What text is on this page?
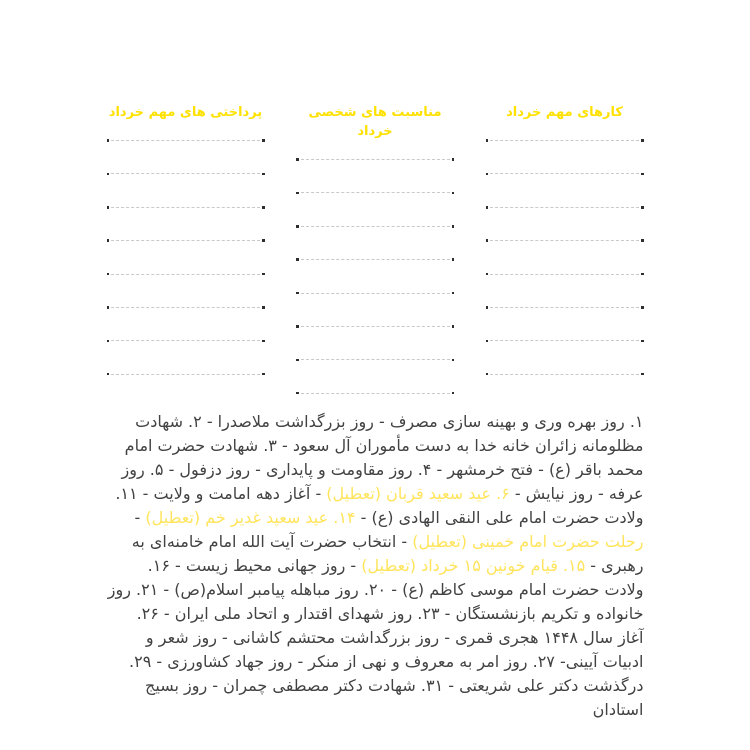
کارهای مهم خرداد
مناسبت های شخصی خرداد
پرداختی های مهم خرداد

۱. روز بهره وری و بهینه سازی مصرف - روز بزرگداشت ملاصدرا - ۲. شهادت مظلومانه زائران خانه خدا به دست مأموران آل سعود - ۳. شهادت حضرت امام محمد باقر (ع) - فتح خرمشهر - ۴. روز مقاومت و پایداری - روز دزفول - ۵. روز عرفه - روز نیایش - ۶. عید سعید قربان (تعطیل) - آغاز دهه امامت و ولایت - ۱۱. ولادت حضرت امام علی النقی الهادی (ع) - ۱۴. عید سعید غدیر خم (تعطیل) - رحلت حضرت امام خمینی (تعطیل) - انتخاب حضرت آیت الله امام خامنه‌ای به رهبری - ۱۵. قیام خونین ۱۵ خرداد (تعطیل) - روز جهانی محیط زیست - ۱۶. ولادت حضرت امام موسی کاظم (ع) - ۲۰. روز مباهله پیامبر اسلام(ص) - ۲۱. روز خانواده و تکریم بازنشستگان - ۲۳. روز شهدای اقتدار و اتحاد ملی ایران - ۲۶. آغاز سال ۱۴۴۸ هجری قمری - روز بزرگداشت محتشم کاشانی - روز شعر و ادبیات آیینی- ۲۷. روز امر به معروف و نهی از منکر - روز جهاد کشاورزی - ۲۹. درگذشت دکتر علی شریعتی - ۳۱. شهادت دکتر مصطفی چمران - روز بسیج استادان
